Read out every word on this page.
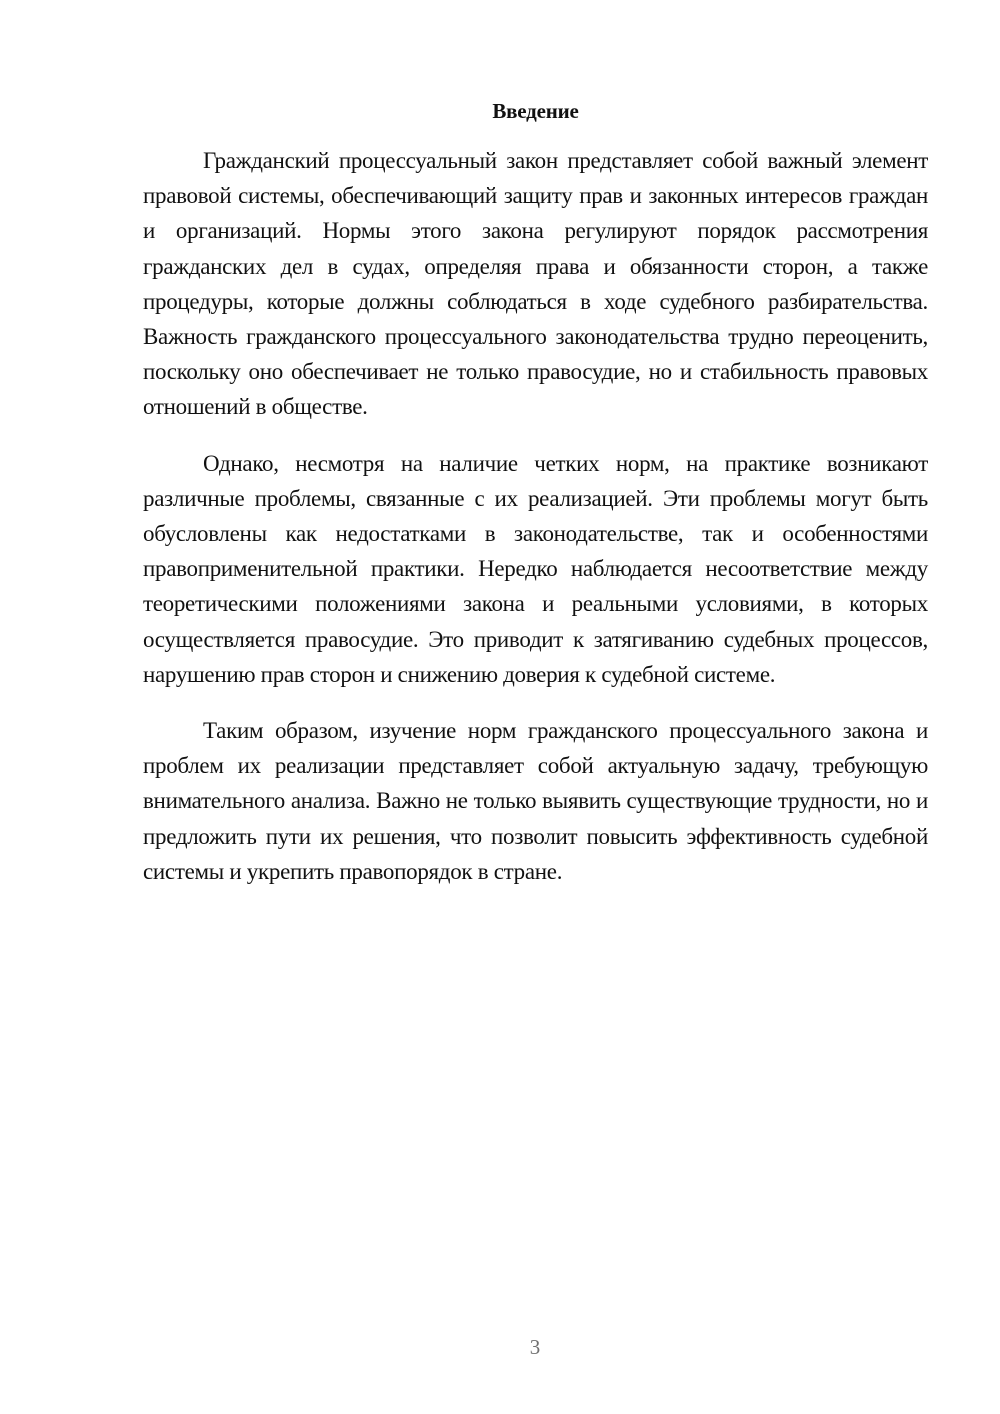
Введение

Гражданский процессуальный закон представляет собой важный элемент правовой системы, обеспечивающий защиту прав и законных интересов граждан и организаций. Нормы этого закона регулируют порядок рассмотрения гражданских дел в судах, определяя права и обязанности сторон, а также процедуры, которые должны соблюдаться в ходе судебного разбирательства. Важность гражданского процессуального законодательства трудно переоценить, поскольку оно обеспечивает не только правосудие, но и стабильность правовых отношений в обществе.

Однако, несмотря на наличие четких норм, на практике возникают различные проблемы, связанные с их реализацией. Эти проблемы могут быть обусловлены как недостатками в законодательстве, так и особенностями правоприменительной практики. Нередко наблюдается несоответствие между теоретическими положениями закона и реальными условиями, в которых осуществляется правосудие. Это приводит к затягиванию судебных процессов, нарушению прав сторон и снижению доверия к судебной системе.

Таким образом, изучение норм гражданского процессуального закона и проблем их реализации представляет собой актуальную задачу, требующую внимательного анализа. Важно не только выявить существующие трудности, но и предложить пути их решения, что позволит повысить эффективность судебной системы и укрепить правопорядок в стране.

3
